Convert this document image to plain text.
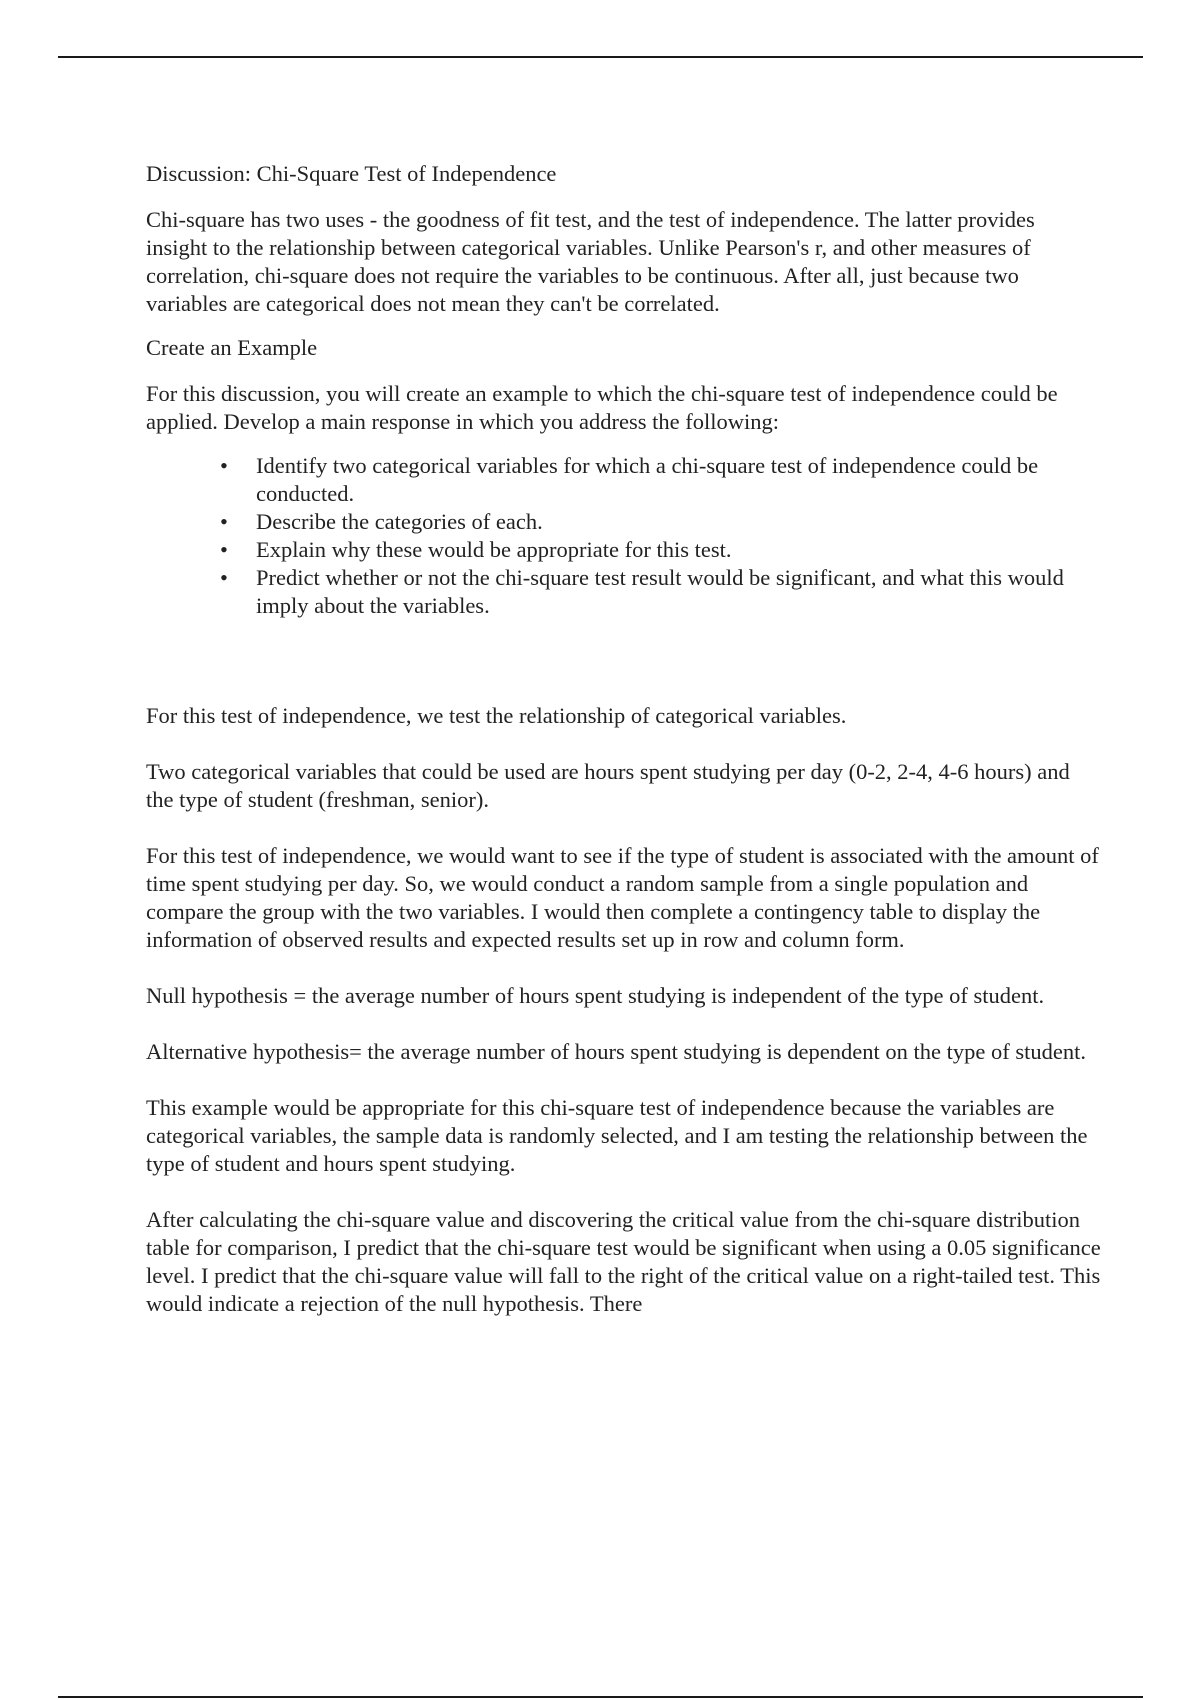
Discussion: Chi-Square Test of Independence

Chi-square has two uses - the goodness of fit test, and the test of independence. The latter provides insight to the relationship between categorical variables. Unlike Pearson's r, and other measures of correlation, chi-square does not require the variables to be continuous. After all, just because two variables are categorical does not mean they can't be correlated.

Create an Example

For this discussion, you will create an example to which the chi-square test of independence could be applied. Develop a main response in which you address the following:

• Identify two categorical variables for which a chi-square test of independence could be conducted.
• Describe the categories of each.
• Explain why these would be appropriate for this test.
• Predict whether or not the chi-square test result would be significant, and what this would imply about the variables.

For this test of independence, we test the relationship of categorical variables.

Two categorical variables that could be used are hours spent studying per day (0-2, 2-4, 4-6 hours) and the type of student (freshman, senior).

For this test of independence, we would want to see if the type of student is associated with the amount of time spent studying per day. So, we would conduct a random sample from a single population and compare the group with the two variables. I would then complete a contingency table to display the information of observed results and expected results set up in row and column form.

Null hypothesis = the average number of hours spent studying is independent of the type of student.

Alternative hypothesis= the average number of hours spent studying is dependent on the type of student.

This example would be appropriate for this chi-square test of independence because the variables are categorical variables, the sample data is randomly selected, and I am testing the relationship between the type of student and hours spent studying.

After calculating the chi-square value and discovering the critical value from the chi-square distribution table for comparison, I predict that the chi-square test would be significant when using a 0.05 significance level. I predict that the chi-square value will fall to the right of the critical value on a right-tailed test. This would indicate a rejection of the null hypothesis. There
